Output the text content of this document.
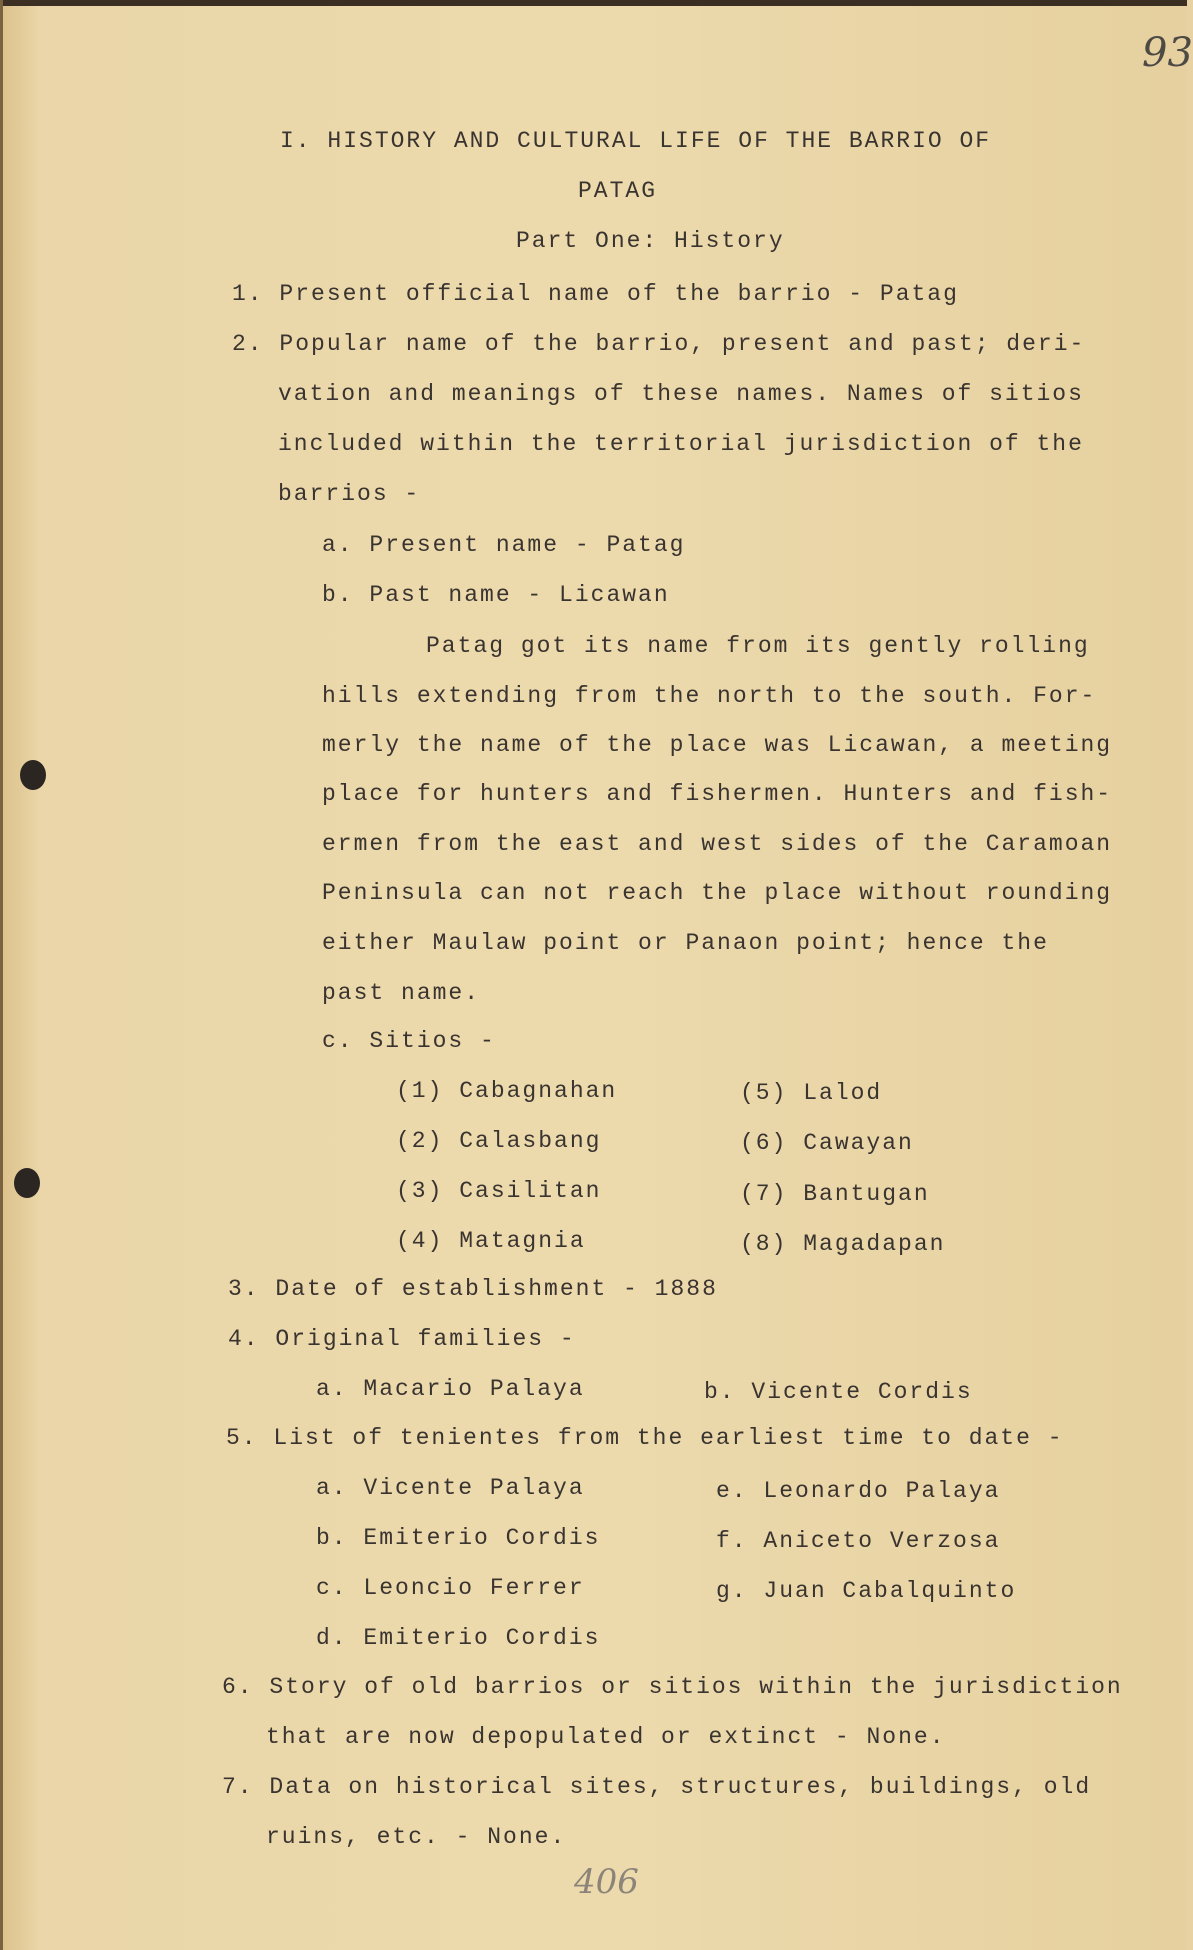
93
I. HISTORY AND CULTURAL LIFE OF THE BARRIO OF
PATAG
Part One: History
1. Present official name of the barrio - Patag
2. Popular name of the barrio, present and past; deri-
vation and meanings of these names. Names of sitios
included within the territorial jurisdiction of the
barrios -
a. Present name - Patag
b. Past name - Licawan
Patag got its name from its gently rolling
hills extending from the north to the south. For-
merly the name of the place was Licawan, a meeting
place for hunters and fishermen. Hunters and fish-
ermen from the east and west sides of the Caramoan
Peninsula can not reach the place without rounding
either Maulaw point or Panaon point; hence the
past name.
c. Sitios -
(1) Cabagnahan
(2) Calasbang
(3) Casilitan
(4) Matagnia
(5) Lalod
(6) Cawayan
(7) Bantugan
(8) Magadapan
3. Date of establishment - 1888
4. Original families -
a. Macario Palaya	b. Vicente Cordis
5. List of tenientes from the earliest time to date -
a. Vicente Palaya
b. Emiterio Cordis
c. Leoncio Ferrer
d. Emiterio Cordis
e. Leonardo Palaya
f. Aniceto Verzosa
g. Juan Cabalquinto
6. Story of old barrios or sitios within the jurisdiction
that are now depopulated or extinct - None.
7. Data on historical sites, structures, buildings, old
ruins, etc. - None.
406
